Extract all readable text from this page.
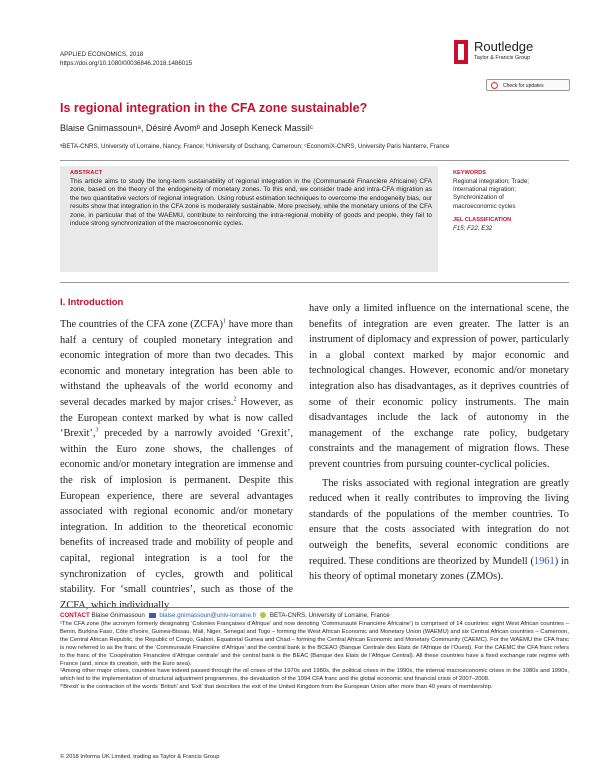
APPLIED ECONOMICS, 2018
https://doi.org/10.1080/00036846.2018.1486015
Routledge
Taylor & Francis Group
Check for updates
Is regional integration in the CFA zone sustainable?
Blaise Gnimassounᵃ, Désiré Avomᵇ and Joseph Keneck Massilᶜ
ᵃBETA-CNRS, University of Lorraine, Nancy, France; ᵇUniversity of Dschang, Cameroun; ᶜEconomiX-CNRS, University Paris Nanterre, France
ABSTRACT
This article aims to study the long-term sustainability of regional integration in the (Communauté Financière Africaine) CFA zone, based on the theory of the endogeneity of monetary zones. To this end, we consider trade and intra-CFA migration as the two quantitative vectors of regional integration. Using robust estimation techniques to overcome the endogeneity bias, our results show that integration in the CFA zone is moderately sustainable. More precisely, while the monetary unions of the CFA zone, in particular that of the WAEMU, contribute to reinforcing the intra-regional mobility of goods and people, they fail to induce strong synchronization of the macroeconomic cycles.
KEYWORDS
Regional integration; Trade;
International migration;
Synchronization of
macroeconomic cycles
JEL CLASSIFICATION
F15; F22; E32
I. Introduction

The countries of the CFA zone (ZCFA)$^1$ have more than half a century of coupled monetary integration and economic integration of more than two decades. This economic and monetary integration has been able to withstand the upheavals of the world economy and several decades marked by major crises.$^2$ However, as the European context marked by what is now called ‘Brexit’,$^3$ preceded by a narrowly avoided ‘Grexit’, within the Euro zone shows, the challenges of economic and/or monetary integration are immense and the risk of implosion is permanent. Despite this European experience, there are several advantages associated with regional economic and/or monetary integration. In addition to the theoretical economic benefits of increased trade and mobility of people and capital, regional integration is a tool for the synchronization of cycles, growth and political stability. For ‘small countries’, such as those of the ZCFA, which individually

have only a limited influence on the international scene, the benefits of integration are even greater. The latter is an instrument of diplomacy and expression of power, particularly in a global context marked by major economic and technological changes. However, economic and/or monetary integration also has disadvantages, as it deprives countries of some of their economic policy instruments. The main disadvantages include the lack of autonomy in the management of the exchange rate policy, budgetary constraints and the management of migration flows. These prevent countries from pursuing counter-cyclical policies.

The risks associated with regional integration are greatly reduced when it really contributes to improving the living standards of the populations of the member countries. To ensure that the costs associated with integration do not outweigh the benefits, several economic conditions are required. These conditions are theorized by Mundell (1961) in his theory of optimal monetary zones (ZMOs).

CONTACT Blaise Gnimassoun blaise.gnimassoun@univ-lorraine.fr BETA-CNRS, University of Lorraine, France

¹The CFA zone (the acronym formerly designating ‘Colonies Françaises d’Afrique’ and now denoting ‘Communauté Financière Africaine’) is comprised of 14 countries: eight West African countries – Benin, Burkina Faso, Côte d’Ivoire, Guinea-Bissau, Mali, Niger, Senegal and Togo – forming the West African Economic and Monetary Union (WAEMU) and six Central African countries – Cameroon, the Central African Republic, the Republic of Congo, Gabon, Equatorial Guinea and Chad – forming the Central African Economic and Monetary Community (CAEMC). For the WAEMU the CFA franc is now referred to as the franc of the ‘Communauté Financière d’Afrique’ and the central bank is the BCEAO (Banque Centrale des Etats de l’Afrique de l’Ouest). For the CAEMC the CFA franc refers to the franc of the ‘Coopération Financière d’Afrique centrale’ and the central bank is the BEAC (Banque des Etats de l’Afrique Central). All these countries have a fixed exchange rate regime with France (and, since its creation, with the Euro area).

²Among other major crises, countries have indeed passed through the oil crises of the 1970s and 1980s, the political crises in the 1990s, the internal macroeconomic crises in the 1980s and 1990s, which led to the implementation of structural adjustment programmes, the devaluation of the 1994 CFA franc and the global economic and financial crisis of 2007–2008.

³‘Brexit’ is the contraction of the words ‘British’ and ‘Exit’ that describes the exit of the United Kingdom from the European Union after more than 40 years of membership.

© 2018 Informa UK Limited, trading as Taylor & Francis Group
